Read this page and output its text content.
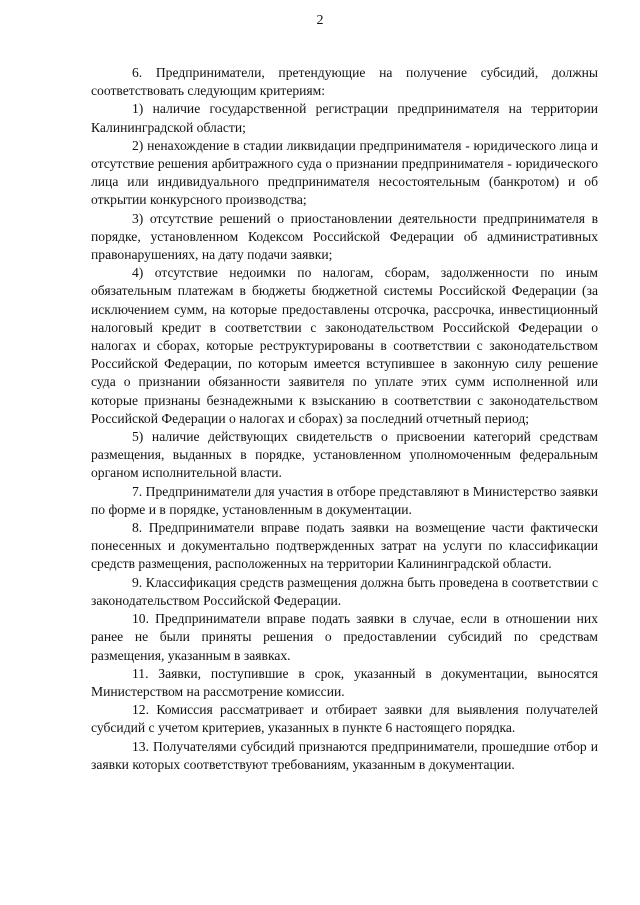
2

6. Предприниматели, претендующие на получение субсидий, должны соответствовать следующим критериям:

1) наличие государственной регистрации предпринимателя на территории Калининградской области;

2) ненахождение в стадии ликвидации предпринимателя - юридического лица и отсутствие решения арбитражного суда о признании предпринимателя - юридического лица или индивидуального предпринимателя несостоятельным (банкротом) и об открытии конкурсного производства;

3) отсутствие решений о приостановлении деятельности предпринимателя в порядке, установленном Кодексом Российской Федерации об административных правонарушениях, на дату подачи заявки;

4) отсутствие недоимки по налогам, сборам, задолженности по иным обязательным платежам в бюджеты бюджетной системы Российской Федерации (за исключением сумм, на которые предоставлены отсрочка, рассрочка, инвестиционный налоговый кредит в соответствии с законодательством Российской Федерации о налогах и сборах, которые реструктурированы в соответствии с законодательством Российской Федерации, по которым имеется вступившее в законную силу решение суда о признании обязанности заявителя по уплате этих сумм исполненной или которые признаны безнадежными к взысканию в соответствии с законодательством Российской Федерации о налогах и сборах) за последний отчетный период;

5) наличие действующих свидетельств о присвоении категорий средствам размещения, выданных в порядке, установленном уполномоченным федеральным органом исполнительной власти.

7. Предприниматели для участия в отборе представляют в Министерство заявки по форме и в порядке, установленным в документации.

8. Предприниматели вправе подать заявки на возмещение части фактически понесенных и документально подтвержденных затрат на услуги по классификации средств размещения, расположенных на территории Калининградской области.

9. Классификация средств размещения должна быть проведена в соответствии с законодательством Российской Федерации.

10. Предприниматели вправе подать заявки в случае, если в отношении них ранее не были приняты решения о предоставлении субсидий по средствам размещения, указанным в заявках.

11. Заявки, поступившие в срок, указанный в документации, выносятся Министерством на рассмотрение комиссии.

12. Комиссия рассматривает и отбирает заявки для выявления получателей субсидий с учетом критериев, указанных в пункте 6 настоящего порядка.

13. Получателями субсидий признаются предприниматели, прошедшие отбор и заявки которых соответствуют требованиям, указанным в документации.
